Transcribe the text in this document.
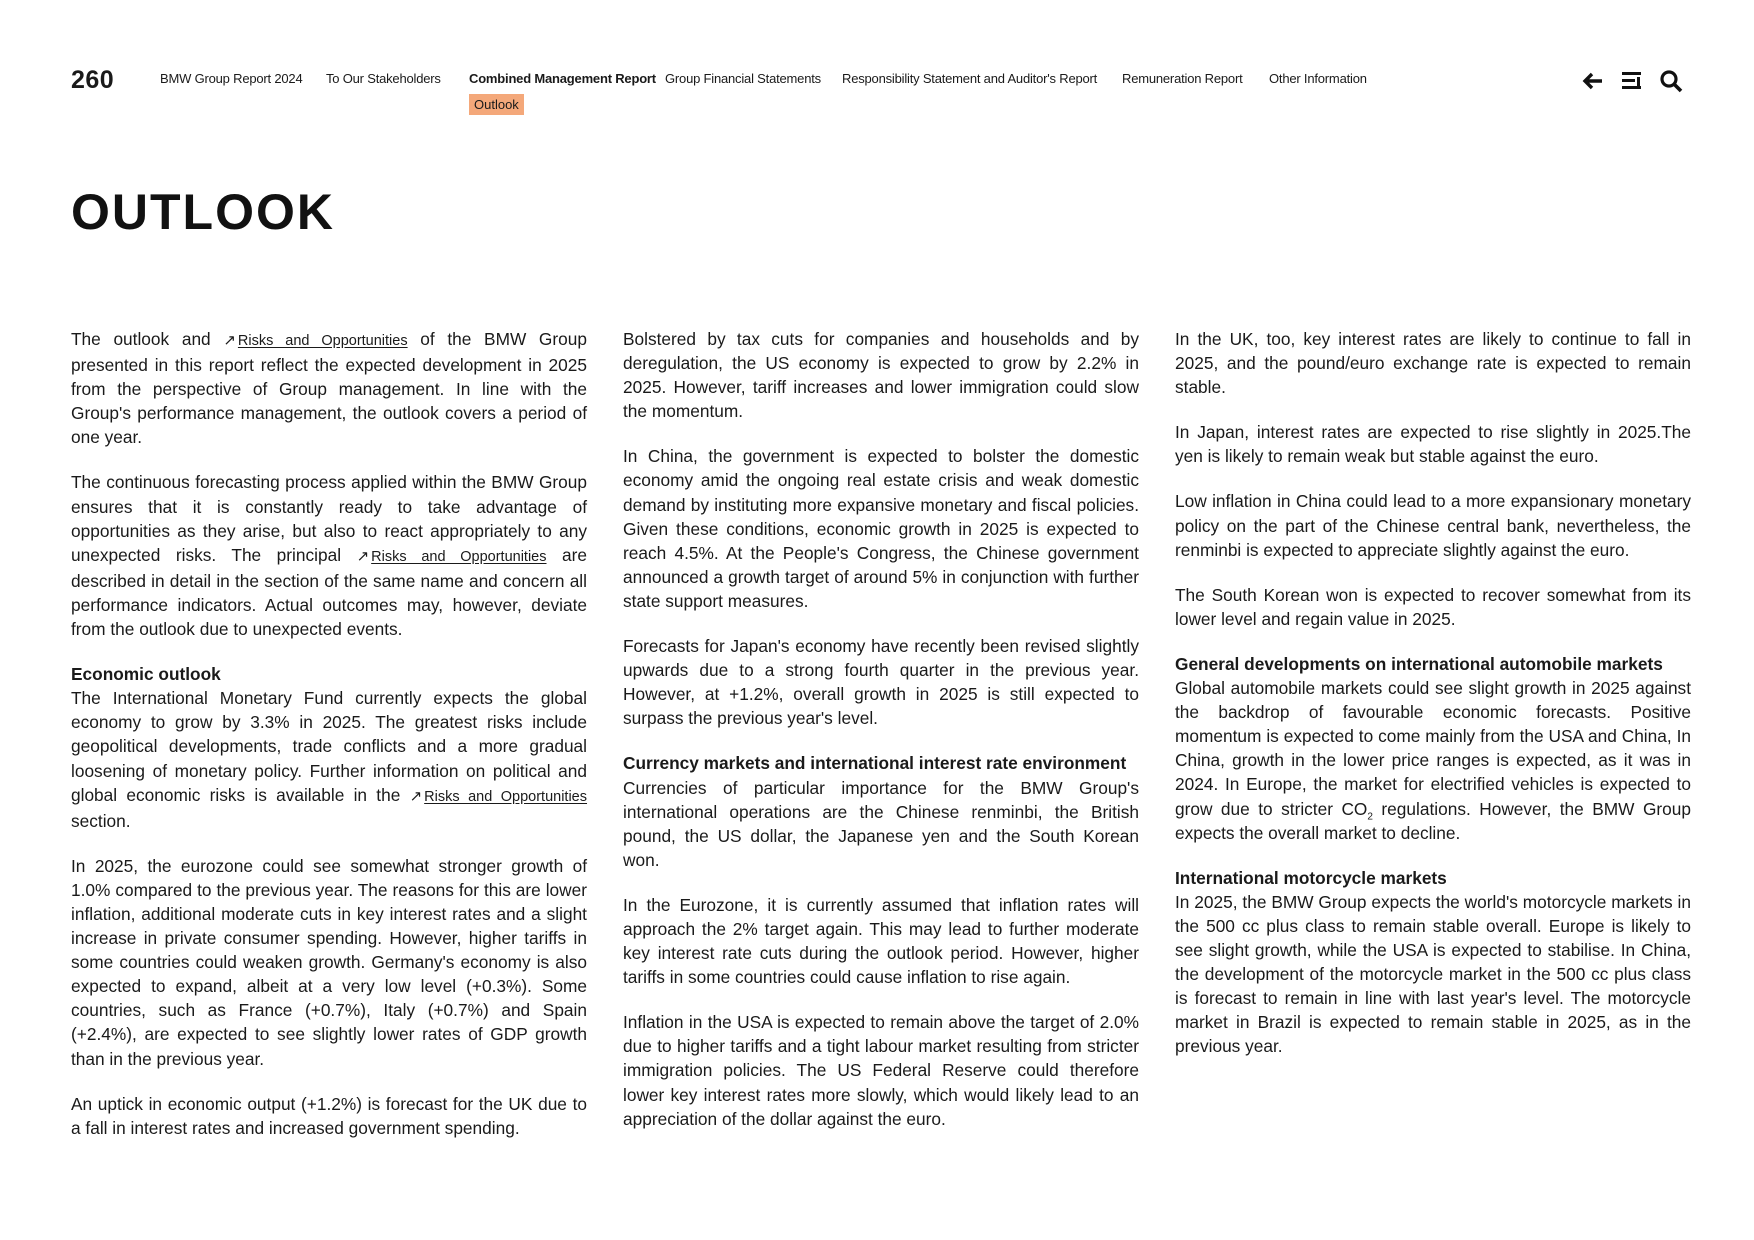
260	BMW Group Report 2024 To Our Stakeholders Combined Management Report Group Financial Statements Responsibility Statement and Auditor's Report Remuneration Report Other Information
Outlook
OUTLOOK

The outlook and ↗ Risks and Opportunities of the BMW Group presented in this report reflect the expected development in 2025 from the perspective of Group management. In line with the Group's performance management, the outlook covers a period of one year.

The continuous forecasting process applied within the BMW Group ensures that it is constantly ready to take advantage of opportunities as they arise, but also to react appropriately to any unexpected risks. The principal ↗ Risks and Opportunities are described in detail in the section of the same name and concern all performance indicators. Actual outcomes may, however, deviate from the outlook due to unexpected events.

Economic outlook

The International Monetary Fund currently expects the global economy to grow by 3.3% in 2025. The greatest risks include geopolitical developments, trade conflicts and a more gradual loosening of monetary policy. Further information on political and global economic risks is available in the ↗ Risks and Opportunities section.

In 2025, the eurozone could see somewhat stronger growth of 1.0% compared to the previous year. The reasons for this are lower inflation, additional moderate cuts in key interest rates and a slight increase in private consumer spending. However, higher tariffs in some countries could weaken growth. Germany's economy is also expected to expand, albeit at a very low level (+0.3%). Some countries, such as France (+0.7%), Italy (+0.7%) and Spain (+2.4%), are expected to see slightly lower rates of GDP growth than in the previous year.

An uptick in economic output (+1.2%) is forecast for the UK due to a fall in interest rates and increased government spending.

Bolstered by tax cuts for companies and households and by deregulation, the US economy is expected to grow by 2.2% in 2025. However, tariff increases and lower immigration could slow the momentum.

In China, the government is expected to bolster the domestic economy amid the ongoing real estate crisis and weak domestic demand by instituting more expansive monetary and fiscal policies. Given these conditions, economic growth in 2025 is expected to reach 4.5%. At the People's Congress, the Chinese government announced a growth target of around 5% in conjunction with further state support measures.

Forecasts for Japan's economy have recently been revised slightly upwards due to a strong fourth quarter in the previous year. However, at +1.2%, overall growth in 2025 is still expected to surpass the previous year's level.

Currency markets and international interest rate environment

Currencies of particular importance for the BMW Group's international operations are the Chinese renminbi, the British pound, the US dollar, the Japanese yen and the South Korean won.

In the Eurozone, it is currently assumed that inflation rates will approach the 2% target again. This may lead to further moderate key interest rate cuts during the outlook period. However, higher tariffs in some countries could cause inflation to rise again.

Inflation in the USA is expected to remain above the target of 2.0% due to higher tariffs and a tight labour market resulting from stricter immigration policies. The US Federal Reserve could therefore lower key interest rates more slowly, which would likely lead to an appreciation of the dollar against the euro.

In the UK, too, key interest rates are likely to continue to fall in 2025, and the pound/euro exchange rate is expected to remain stable.

In Japan, interest rates are expected to rise slightly in 2025.The yen is likely to remain weak but stable against the euro.

Low inflation in China could lead to a more expansionary monetary policy on the part of the Chinese central bank, nevertheless, the renminbi is expected to appreciate slightly against the euro.

The South Korean won is expected to recover somewhat from its lower level and regain value in 2025.

General developments on international automobile markets

Global automobile markets could see slight growth in 2025 against the backdrop of favourable economic forecasts. Positive momentum is expected to come mainly from the USA and China, In China, growth in the lower price ranges is expected, as it was in 2024. In Europe, the market for electrified vehicles is expected to grow due to stricter $CO_2$ regulations. However, the BMW Group expects the overall market to decline.

International motorcycle markets

In 2025, the BMW Group expects the world's motorcycle markets in the 500 cc plus class to remain stable overall. Europe is likely to see slight growth, while the USA is expected to stabilise. In China, the development of the motorcycle market in the 500 cc plus class is forecast to remain in line with last year's level. The motorcycle market in Brazil is expected to remain stable in 2025, as in the previous year.
